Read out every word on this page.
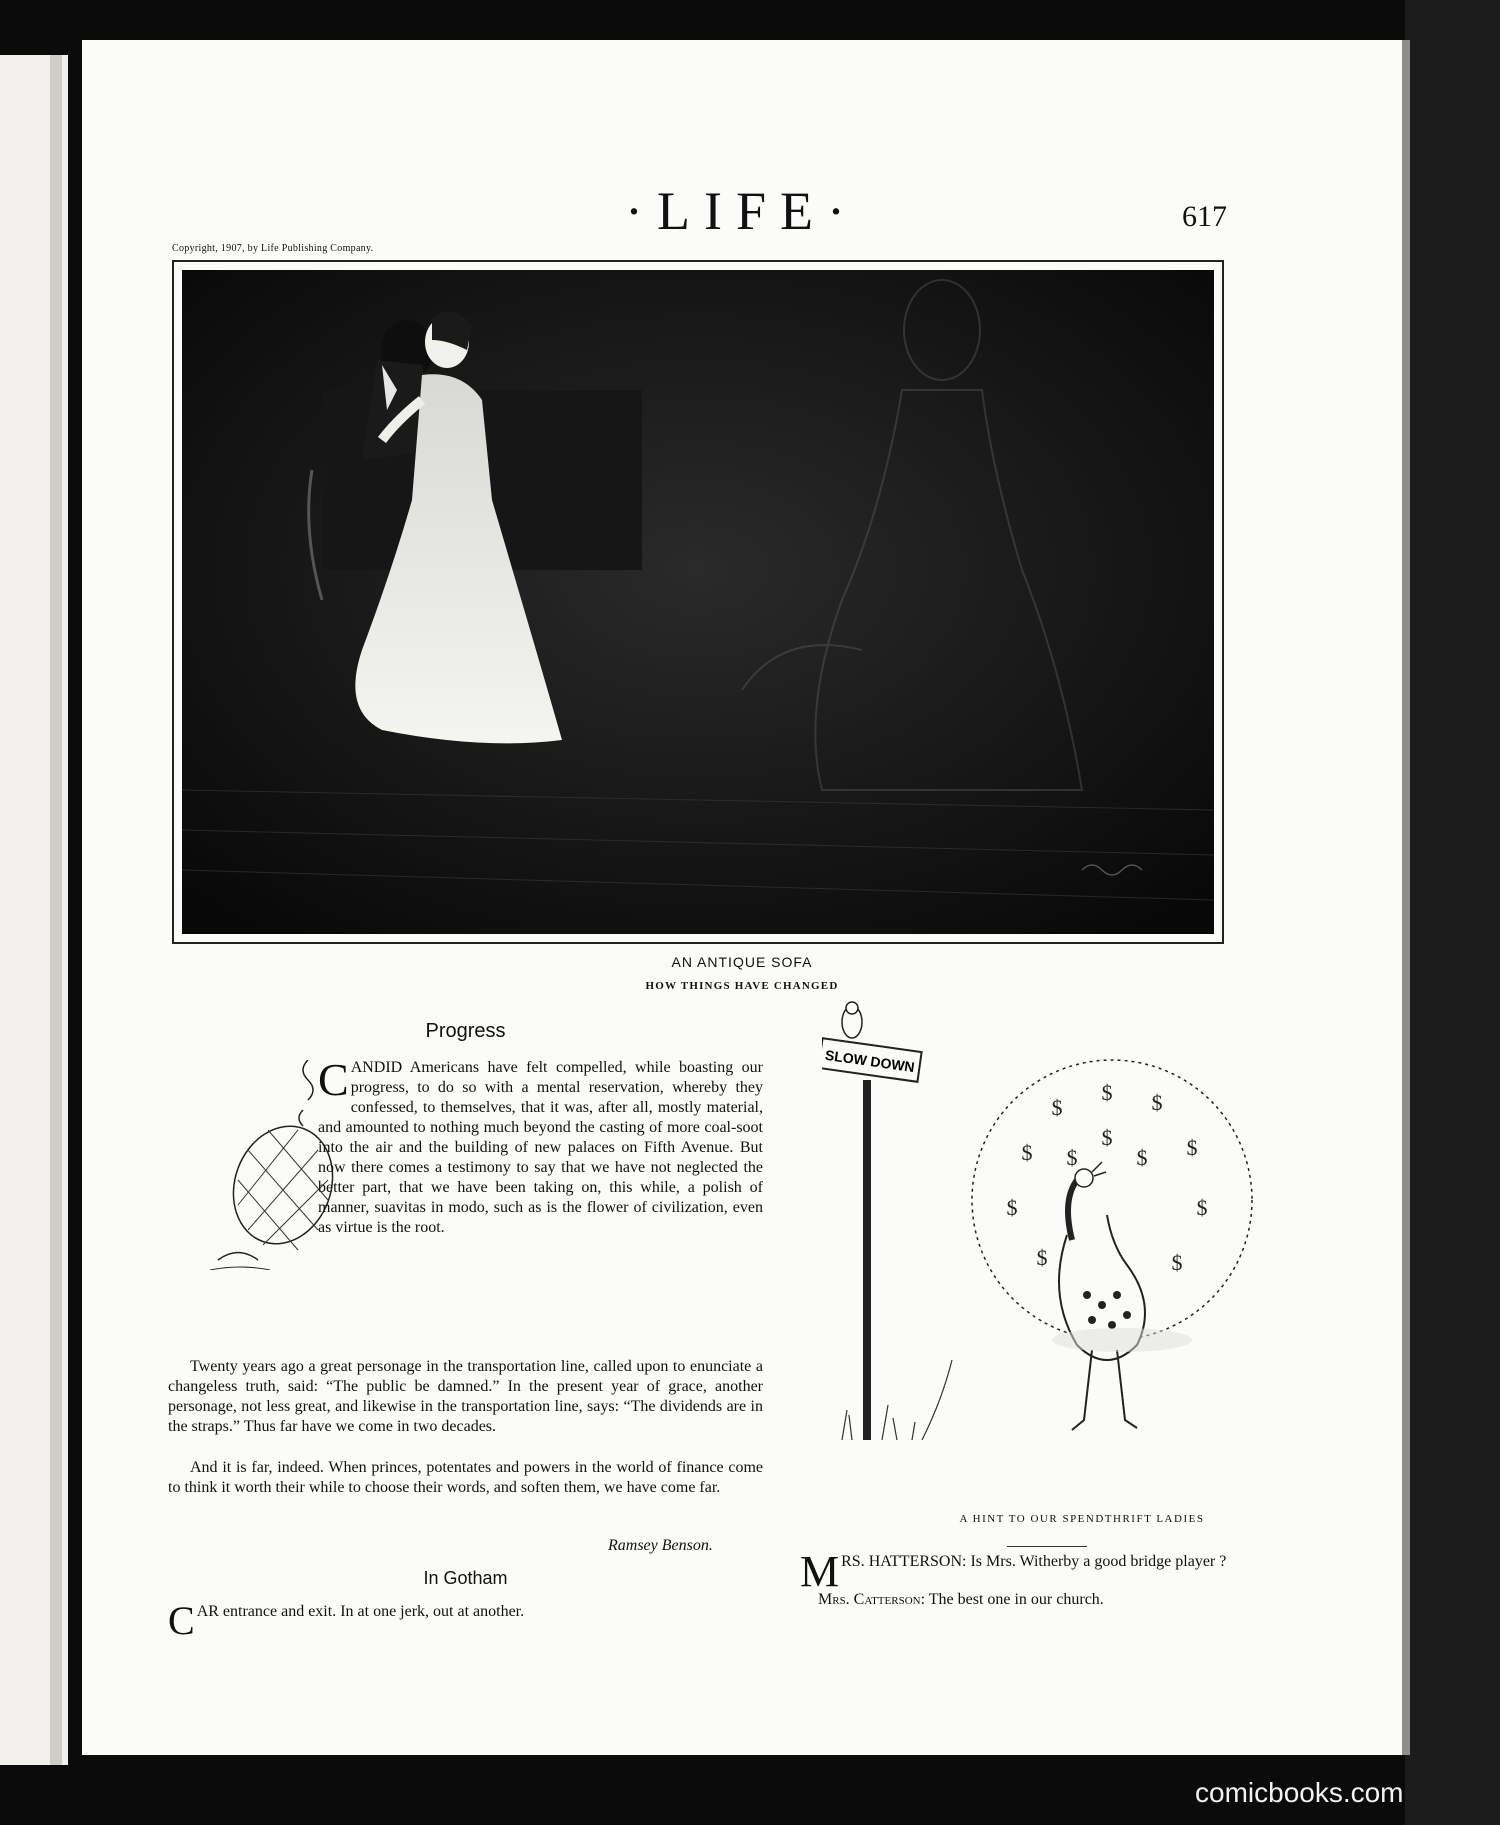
·LIFE·	617
Copyright, 1907, by Life Publishing Company.
AN ANTIQUE SOFA
HOW THINGS HAVE CHANGED
Progress
C ANDID Americans have felt compelled, while boasting our progress, to do so with a mental reservation, whereby they confessed, to themselves, that it was, after all, mostly material, and amounted to nothing much beyond the casting of more coal-soot into the air and the building of new palaces on Fifth Avenue. But now there comes a testimony to say that we have not neglected the better part, that we have been taking on, this while, a polish of manner, suavitas in modo, such as is the flower of civilization, even as virtue is the root.
Twenty years ago a great personage in the transportation line, called upon to enunciate a changeless truth, said: “The public be damned.” In the present year of grace, another personage, not less great, and likewise in the transportation line, says: “The dividends are in the straps.” Thus far have we come in two decades.
And it is far, indeed. When princes, potentates and powers in the world of finance come to think it worth their while to choose their words, and soften them, we have come far.
Ramsey Benson.
In Gotham
C AR entrance and exit. In at one jerk, out at another.
SLOW DOWN
$
$
$ $
$
$	$
$	$
$	$
$
A HINT TO OUR SPENDTHRIFT LADIES
MRS. HATTERSON: Is Mrs. Witherby a good bridge player ?
Mrs. Catterson: The best one in our church.
comicbooks.com
